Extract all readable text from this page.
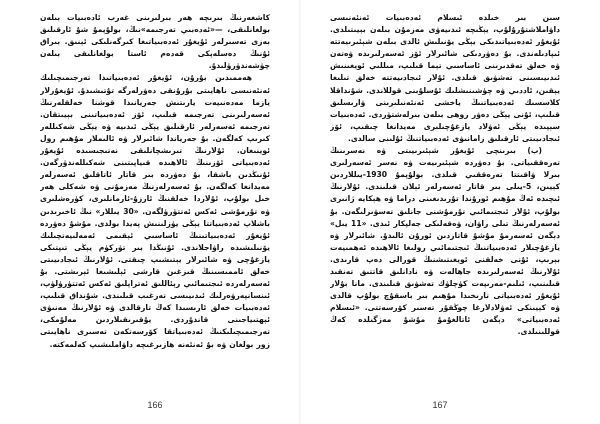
كاشغەرنىڭ بىرىچە ھەر بىرلىرىنى غەرب ئادەبىيات بىلەن بولغانلىقى، —«ئەدەبىي تەرجىمە»نىڭ، بولۇپمۇ شۇ ئارقىلىق بەزى تەسىرلەر ئۇيغۇر ئەدەبىياتىغا كىرگەنلىكى ئېنىق. بىراق ئۇنىڭ دەسلەپكى قەدەم ئاستا بولغانلىقى بىلەن چۈشەندۈرۈلىدۇ.

ھەممىدىن بۇرۇن، ئۇيغۇر ئەدەبىياتىدا تەرجىمىچىلىك ئەنئەنىسى ناھايىتى بۇرۇنقى دەۋرلەرگە تۇتىشىدۇ. ئۇيغۇرلار يازما مەدەنىيەت يارىتىش جەريانىدا قوشنا خەلقلەرنىڭ ئەسەرلىرىنى تەرجىمە قىلىپ، ئۆز ئەدەبىياتىنى بېيىتقان. تەرجىمە ئەسەرلەر ئارقىلىق يېڭى ئىدىيە ۋە يېڭى شەكىللەر كىرىپ كەلگەن. بۇ جەرياندا شائىرلار ۋە ئالىملار مۇھىم رول ئوينىغان. ئۇلارنىڭ تىرىشچانلىقى نەتىجىسىدە ئۇيغۇر ئەدەبىياتى ئۆزىنىڭ ئالاھىدە قىياپىتىنى شەكىللەندۈرگەن. ئۇنىڭدىن باشقا، بۇ دەۋردە بىر قاتار ئاتاقلىق ئەسەرلەر مەيدانغا كەلگەن. بۇ ئەسەرلەرنىڭ مەزمۇنى ۋە شەكلى ھەر خىل بولۇپ، ئۇلاردا خەلقنىڭ ئارزۇ-ئارمانلىرى، كۈرەشلىرى ۋە تۇرمۇشى ئەكس ئەتتۈرۈلگەن. «30 يىللار» نىڭ ئاخىرىدىن باشلاپ ئەدەبىياتتا يېڭى يۈزلىنىش پەيدا بولدى. مۇشۇ دەۋردە ئۇيغۇر ئەدەبىياتىنىڭ ئاساسىي ئېقىمى ئەمەلىيەتچىلىك يۆنىلىشىدە راۋاجلاندى. ئۇنىڭدا بىر تۈركۈم يېڭى تىپتىكى يازغۇچى ۋە شائىرلار يېتىشىپ چىقتى. ئۇلارنىڭ ئىجادىيىتى خەلق ئاممىسىنىڭ قىزغىن قارشى ئېلىشىغا ئېرىشتى. بۇ ئەسەرلەردە ئىجتىمائىي رېئاللىق ئەتراپلىق ئەكس ئەتتۈرۈلۈپ، ئىنسانپەرۋەرلىك ئىدىيىسى تەرغىب قىلىندى. شۇنداق قىلىپ، ئەدەبىيات خەلق ئارىسىدا كەڭ تارقالدى ۋە ئۇلارنىڭ مەنىۋى ئېھتىياجىنى قاندۇردى. يۇقىرىقىلاردىن مەلۇمكى، تەرجىمىچىلىكنىڭ ئەدەبىياتقا كۆرسەتكەن تەسىرى ناھايىتى زور بولغان ۋە بۇ ئەنئەنە ھازىرغىچە داۋاملىشىپ كەلمەكتە.

166

سىن بىر خىلدە ئىسلام ئەدەبىيات ئەنئەنىسى داۋاملاشتۇرۇلۇپ، يېڭىچە ئىدىيەۋى مەزمۇن بىلەن بېيىتىلدى. ئۇيغۇر ئەدەبىياتىدىكى يېڭى يۆنىلىش ئالدى بىلەن شېئىرىيەتتە ئىپادىلەندى. بۇ دەۋردىكى شائىرلار ئۆز ئەسەرلىرىدە ۋەتەن ۋە خەلق تەقدىرىنى ئاساسىي تېما قىلىپ، مىللىي ئويغىنىش ئىدىيىسىنى تەشۋىق قىلدى. ئۇلار ئىجادىيەتتە خەلق تىلىغا يېقىن، ئاددىي ۋە چۈشىنىشلىك ئۇسلۇبنى قوللاندى. شۇنداقلا كلاسسىك ئەدەبىياتنىڭ ياخشى ئەنئەنىلىرىنى ۋارىسلىق قىلىپ، ئۇنى يېڭى دەۋر روھى بىلەن بىرلەشتۈردى. ئەدەبىيات سېپىدە يېڭى ئەۋلاد يازغۇچىلىرى مەيدانغا چىقىپ، ئۆز ئىجادىيىتى ئارقىلىق زامانىۋى ئەدەبىياتنىڭ ئۇلىنى سالدى.

(ب) بىرىنچى ئۇيغۇر شېئىرىيىتى ۋە نەسرىنىڭ تەرەققىياتى. بۇ دەۋردە شېئىرىيەت ۋە نەسر ئەسەرلىرى بىرلا ۋاقىتتا تەرەققىي قىلدى. بولۇپمۇ 1930-يىللاردىن كېيىن، 5-يىلى بىر قاتار ئەسەرلەر ئېلان قىلىندى. ئۇلارنىڭ ئىچىدە ئەڭ مۇھىم ئورۇندا تۇرىدىغىنى دراما ۋە ھېكايە ژانىرى بولۇپ، ئۇلار ئىجتىمائىي تۇرمۇشنى جانلىق تەسۋىرلىگەن. بۇ ئەسەرلەرنىڭ تىلى راۋان، ۋەقەلىكى جەلپكار ئىدى. «11 يىل» دېگەن ئەسەرمۇ مۇشۇ قاتاردىن ئورۇن ئالىدۇ. شائىرلار ۋە يازغۇچىلار ئەدەبىياتنىڭ ئىجتىمائىي رولىغا ئالاھىدە ئەھمىيەت بېرىپ، ئۇنى خەلقنى ئويغىتىشنىڭ قورالى دەپ قارىدى. ئۇلارنىڭ ئەسەرلىرىدە جاھالەت ۋە نادانلىق قاتتىق تەنقىد قىلىنىپ، ئىلىم-مەرىپەت كۈچلۈك تەشۋىق قىلىندى. مانا بۇلار ئۇيغۇر ئەدەبىياتى تارىخىدا مۇھىم بىر باسقۇچ بولۇپ قالدى ۋە كېيىنكى ئەۋلادلارغا چوڭقۇر تەسىر كۆرسەتتى. «ئىسلام ئەدەبىياتى» دېگەن ئاتالغۇمۇ مۇشۇ مەزگىلدە كەڭ قوللىنىلدى.

167
